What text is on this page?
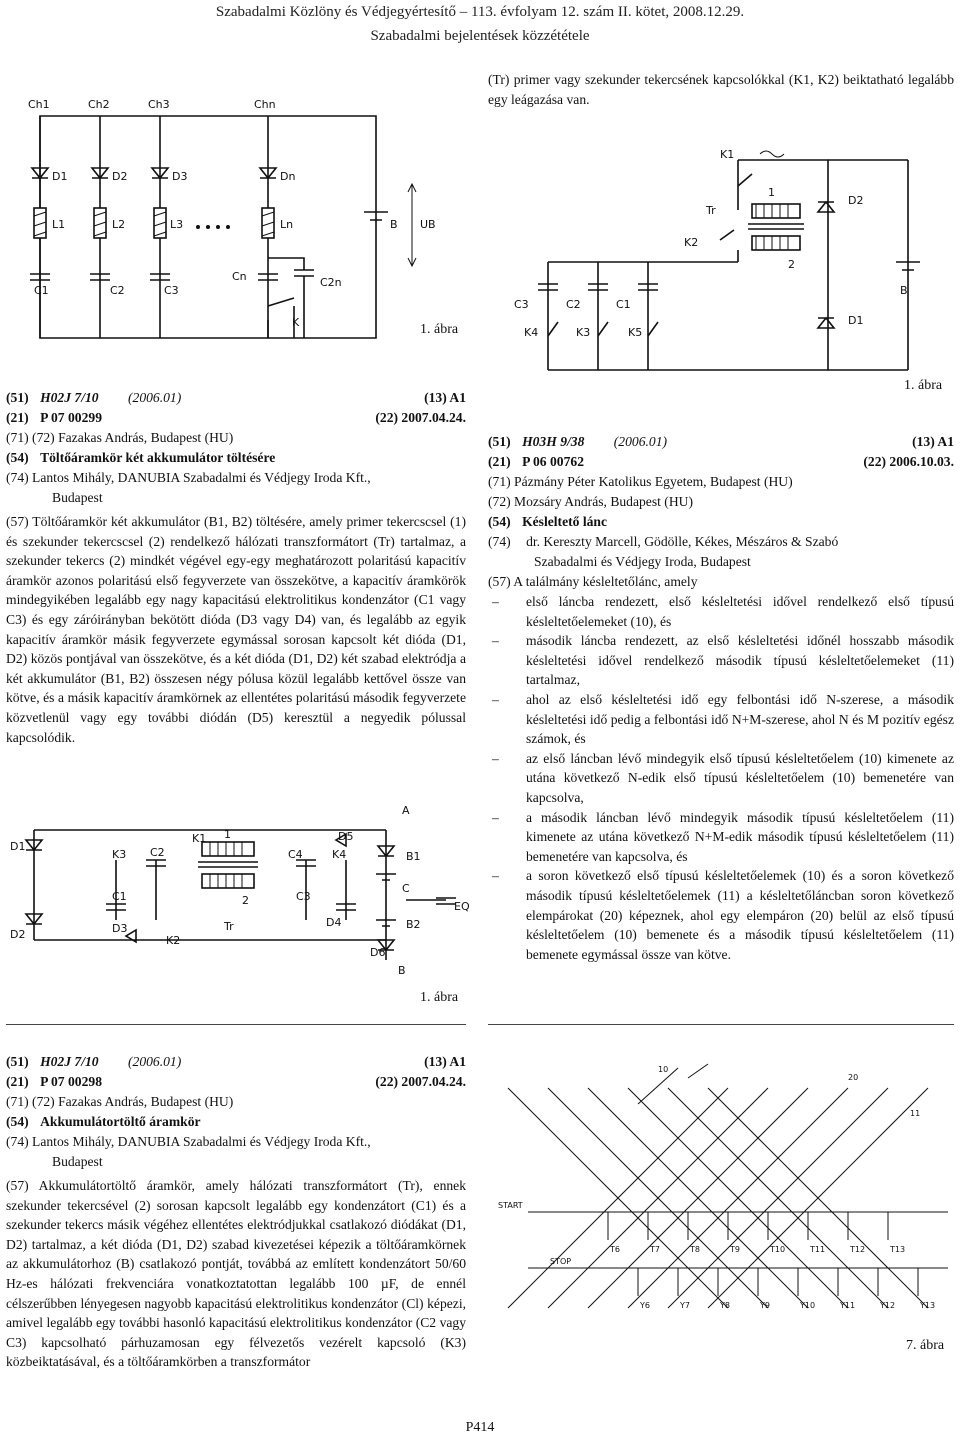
Szabadalmi Közlöny és Védjegyértesítő – 113. évfolyam 12. szám II. kötet, 2008.12.29.
Szabadalmi bejelentések közzététele
Ch1	Ch2	Ch3	Chn
D1	D2	D3	Dn
L1	L2	L3	Ln
C1	C2	C3
Cn	C2n
K
B UB
1. ábra
(Tr) primer vagy szekunder tekercsének kapcsolókkal (K1, K2) beiktatható legalább egy leágazása van.
K1
1
2
Tr
K2
D2
B
D1
C3	C2	C1
K4	K3	K5
1. ábra
(51) H02J 7/10 (2006.01)	(13) A1
(21) P 07 00299	(22) 2007.04.24.
(71) (72) Fazakas András, Budapest (HU)
(54) Töltőáramkör két akkumulátor töltésére
(74) Lantos Mihály, DANUBIA Szabadalmi és Védjegy Iroda Kft.,
Budapest
(57) Töltőáramkör két akkumulátor (B1, B2) töltésére, amely primer tekercscsel (1) és szekunder tekercscsel (2) rendelkező hálózati transzformátort (Tr) tartalmaz, a szekunder tekercs (2) mindkét végével egy-egy meghatározott polaritású kapacitív áramkör azonos polaritású első fegyverzete van összekötve, a kapacitív áramkörök mindegyikében legalább egy nagy kapacitású elektrolitikus kondenzátor (C1 vagy C3) és egy záróirányban bekötött dióda (D3 vagy D4) van, és legalább az egyik kapacitív áramkör másik fegyverzete egymással sorosan kapcsolt két dióda (D1, D2) közös pontjával van összekötve, és a két dióda (D1, D2) két szabad elektródja a két akkumulátor (B1, B2) összesen négy pólusa közül legalább kettővel össze van kötve, és a másik kapacitív áramkörnek az ellentétes polaritású második fegyverzete közvetlenül vagy egy további diódán (D5) keresztül a negyedik pólussal kapcsolódik.
D1
D2
K3 C2
C1
D3
K2
K1 1
2
Tr
C4	K4
D5
C3
D4
D6
A
B1
C
B2
B
EQ
1. ábra
(51) H03H 9/38 (2006.01)	(13) A1
(21) P 06 00762	(22) 2006.10.03.
(71) Pázmány Péter Katolikus Egyetem, Budapest (HU)
(72) Mozsáry András, Budapest (HU)
(54) Késleltető lánc
(74) dr. Kereszty Marcell, Gödölle, Kékes, Mészáros & Szabó
Szabadalmi és Védjegy Iroda, Budapest
(57) A találmány késleltetőlánc, amely
– első láncba rendezett, első késleltetési idővel rendelkező első típusú késleltetőelemeket (10), és
– második láncba rendezett, az első késleltetési időnél hosszabb második késleltetési idővel rendelkező második típusú késleltetőelemeket (11) tartalmaz,
– ahol az első késleltetési idő egy felbontási idő N-szerese, a második késleltetési idő pedig a felbontási idő N+M-szerese, ahol N és M pozitív egész számok, és
– az első láncban lévő mindegyik első típusú késleltetőelem (10) kimenete az utána következő N-edik első típusú késleltetőelem (10) bemenetére van kapcsolva,
– a második láncban lévő mindegyik második típusú késleltetőelem (11) kimenete az utána következő N+M-edik második típusú késleltetőelem (11) bemenetére van kapcsolva, és
– a soron következő első típusú késleltetőelemek (10) és a soron következő második típusú késleltetőelemek (11) a késleltetőláncban soron következő elempárokat (20) képeznek, ahol egy elempáron (20) belül az első típusú késleltetőelem (10) bemenete és a második típusú késleltetőelem (11) bemenete egymással össze van kötve.
(51) H02J 7/10 (2006.01)	(13) A1
(21) P 07 00298	(22) 2007.04.24.
(71) (72) Fazakas András, Budapest (HU)
(54) Akkumulátortöltő áramkör
(74) Lantos Mihály, DANUBIA Szabadalmi és Védjegy Iroda Kft.,
Budapest
(57) Akkumulátortöltő áramkör, amely hálózati transzformátort (Tr), ennek szekunder tekercsével (2) sorosan kapcsolt legalább egy kondenzátort (C1) és a szekunder tekercs másik végéhez ellentétes elektródjukkal csatlakozó diódákat (D1, D2) tartalmaz, a két dióda (D1, D2) szabad kivezetései képezik a töltőáramkörnek az akkumulátorhoz (B) csatlakozó pontját, továbbá az említett kondenzátort 50/60 Hz-es hálózati frekvenciára vonatkoztatottan legalább 100 µF, de ennél célszerűbben lényegesen nagyobb kapacitású elektrolitikus kondenzátor (Cl) képezi, amivel legalább egy további hasonló kapacitású elektrolitikus kondenzátor (C2 vagy C3) kapcsolható párhuzamosan egy félvezetős vezérelt kapcsoló (K3) közbeiktatásával, és a töltőáramkörben a transzformátor
10
20
11
START
STOP
T6	T7	T8	T9	T10	T11	T12	T13
Y6	Y7	Y8	Y9	Y10	Y11	Y12	Y13
7. ábra
P414
